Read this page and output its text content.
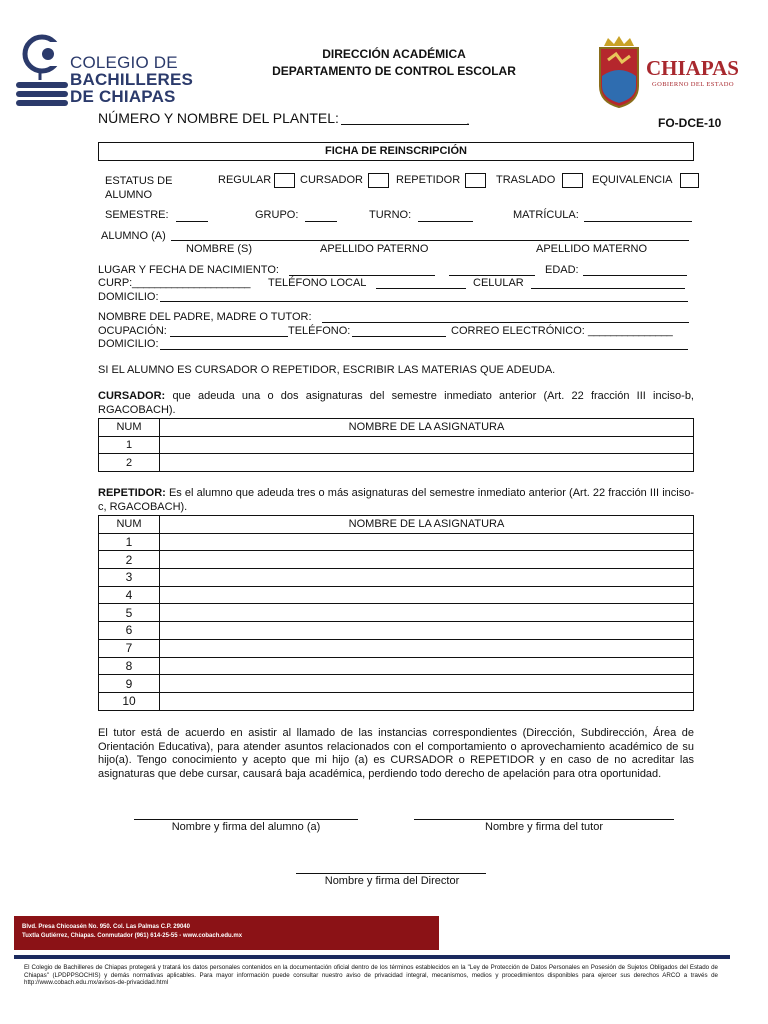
COLEGIO DE
BACHILLERES
DE CHIAPAS
DIRECCIÓN ACADÉMICA
DEPARTAMENTO DE CONTROL ESCOLAR	CHIAPAS
GOBIERNO DEL ESTADO
NÚMERO Y NOMBRE DEL PLANTEL:	.	FO-DCE-10
FICHA DE REINSCRIPCIÓN
ESTATUS DE
ALUMNO
REGULAR	CURSADOR	REPETIDOR	TRASLADO	EQUIVALENCIA
SEMESTRE:	GRUPO:	TURNO:	MATRÍCULA:
ALUMNO (A)
NOMBRE (S)	APELLIDO PATERNO	APELLIDO MATERNO
LUGAR Y FECHA DE NACIMIENTO:	EDAD:
CURP: _____________________ TELÉFONO LOCAL	CELULAR
DOMICILIO:
NOMBRE DEL PADRE, MADRE O TUTOR:
OCUPACIÓN:	TELÉFONO:	CORREO ELECTRÓNICO: _______________
DOMICILIO:
SI EL ALUMNO ES CURSADOR O REPETIDOR, ESCRIBIR LAS MATERIAS QUE ADEUDA.
CURSADOR: que adeuda una o dos asignaturas del semestre inmediato anterior (Art. 22 fracción III inciso-b, RGACOBACH).
NUM	NOMBRE DE LA ASIGNATURA
1	
2	
REPETIDOR: Es el alumno que adeuda tres o más asignaturas del semestre inmediato anterior (Art. 22 fracción III inciso-c, RGACOBACH).
NUM	NOMBRE DE LA ASIGNATURA
1	
2	
3	
4	
5	
6	
7	
8	
9	
10	
El tutor está de acuerdo en asistir al llamado de las instancias correspondientes (Dirección, Subdirección, Área de Orientación Educativa), para atender asuntos relacionados con el comportamiento o aprovechamiento académico de su hijo(a). Tengo conocimiento y acepto que mi hijo (a) es CURSADOR o REPETIDOR y en caso de no acreditar las asignaturas que debe cursar, causará baja académica, perdiendo todo derecho de apelación para otra oportunidad.
Nombre y firma del alumno (a)	Nombre y firma del tutor
Nombre y firma del Director
Blvd. Presa Chicoasén No. 950. Col. Las Palmas C.P. 29040
Tuxtla Gutiérrez, Chiapas. Conmutador (961) 614-25-55 - www.cobach.edu.mx
El Colegio de Bachilleres de Chiapas protegerá y tratará los datos personales contenidos en la documentación oficial dentro de los términos establecidos en la "Ley de Protección de Datos Personales en Posesión de Sujetos Obligados del Estado de Chiapas" (LPDPPSOCHIS) y demás normativas aplicables. Para mayor información puede consultar nuestro aviso de privacidad integral, mecanismos, medios y procedimientos disponibles para ejercer sus derechos ARCO a través de http://www.cobach.edu.mx/avisos-de-privacidad.html
